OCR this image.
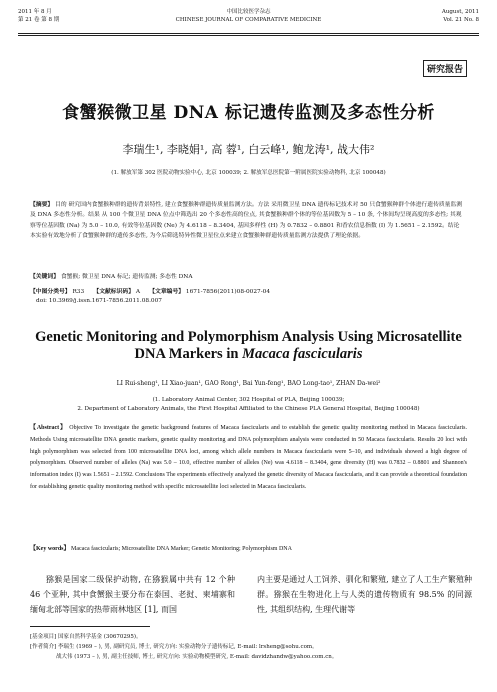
2011 年 8 月
第 21 卷 第 8 期
中国比较医学杂志
CHINESE JOURNAL OF COMPARATIVE MEDICINE
August, 2011
Vol. 21 No. 8
研究报告
食蟹猴微卫星 DNA 标记遗传监测及多态性分析
李瑞生¹, 李晓娟¹, 高 蓉¹, 白云峰¹, 鲍龙涛¹, 战大伟²
(1. 解放军第 302 医院动物实验中心, 北京 100039; 2. 解放军总医院第一附属医院实验动物科, 北京 100048)
【摘要】 目的 研究国内食蟹猴种群的遗传背景特性, 建立食蟹猴种群遗传质量监测方法。方法 采用微卫星 DNA 遗传标记技术对 50 只食蟹猴种群个体进行遗传质量监测及 DNA 多态性分析。结果 从 100 个微卫星 DNA 位点中筛选出 20 个多态性高的位点, 其食蟹猴种群个体的等位基因数为 5 – 10 条, 个体间均呈现高度的多态性; 其观察等位基因数 (Na) 为 5.0 – 10.0, 有效等位基因数 (Ne) 为 4.6118 – 8.3404, 基因多样性 (H) 为 0.7832 – 0.8801 和香农信息指数 (I) 为 1.5651 – 2.1592。结论 本实验有效地分析了食蟹猴种群的遗传多态性, 为今后筛选特异性微卫星位点来建立食蟹猴种群遗传质量监测方法提供了理论依据。
【关键词】 食蟹猴; 微卫星 DNA 标记; 遗传监测; 多态性 DNA
【中图分类号】 R33 【文献标识码】 A 【文章编号】 1671-7856(2011)08-0027-04
doi: 10.3969/j.issn.1671-7856.2011.08.007
Genetic Monitoring and Polymorphism Analysis Using Microsatellite
DNA Markers in Macaca fascicularis
LI Rui-sheng¹, LI Xiao-juan¹, GAO Rong¹, Bai Yun-feng¹, BAO Long-tao¹, ZHAN Da-wei²
(1. Laboratory Animal Center, 302 Hospital of PLA, Beijing 100039;
2. Department of Laboratory Animals, the First Hospital Affiliated to the Chinese PLA General Hospital, Beijing 100048)
【Abstract】 Objective To investigate the genetic background features of Macaca fascicularis and to establish the genetic quality monitoring method in Macaca fascicularis. Methods Using microsatellite DNA genetic markers, genetic quality monitoring and DNA polymorphism analysis were conducted in 50 Macaca fascicularis. Results 20 loci with high polymorphism was selected from 100 microsatellite DNA loci, among which allele numbers in Macaca fascicularis were 5–10, and individuals showed a high degree of polymorphism. Observed number of alleles (Na) was 5.0 – 10.0, effective number of alleles (Ne) was 4.6118 – 8.3404, gene diversity (H) was 0.7832 – 0.8801 and Shannon's information index (I) was 1.5651 – 2.1592. Conclusions The experiments effectively analyzed the genetic diversity of Macaca fascicularis, and it can provide a theoretical foundation for establishing genetic quality monitoring method with specific microsatellite loci selected in Macaca fascicularis.
【Key words】 Macaca fascicularis; Microsatellite DNA Marker; Genetic Monitoring; Polymorphism DNA
猕猴是国家二级保护动物, 在猕猴属中共有 12 个种 46 个亚种, 其中食蟹猴主要分布在泰国、老挝、柬埔寨和缅甸北部等国家的热带雨林地区 [1], 而国
内主要是通过人工饲养、驯化和繁殖, 建立了人工生产繁殖种群。猕猴在生物进化上与人类的遗传物质有 98.5% 的同源性, 其组织结构, 生理代谢等
[基金项目] 国家自然科学基金 (30670295)。
[作者简介] 李瑞生 (1969 – ), 男, 副研究员, 博士, 研究方向: 实验动物分子遗传标记, E-mail: lrsheng@sohu.com。
战大伟 (1973 – ), 男, 副主任技师, 博士, 研究方向: 实验动物模型研究, E-mail: davidzhandw@yahoo.com.cn。
